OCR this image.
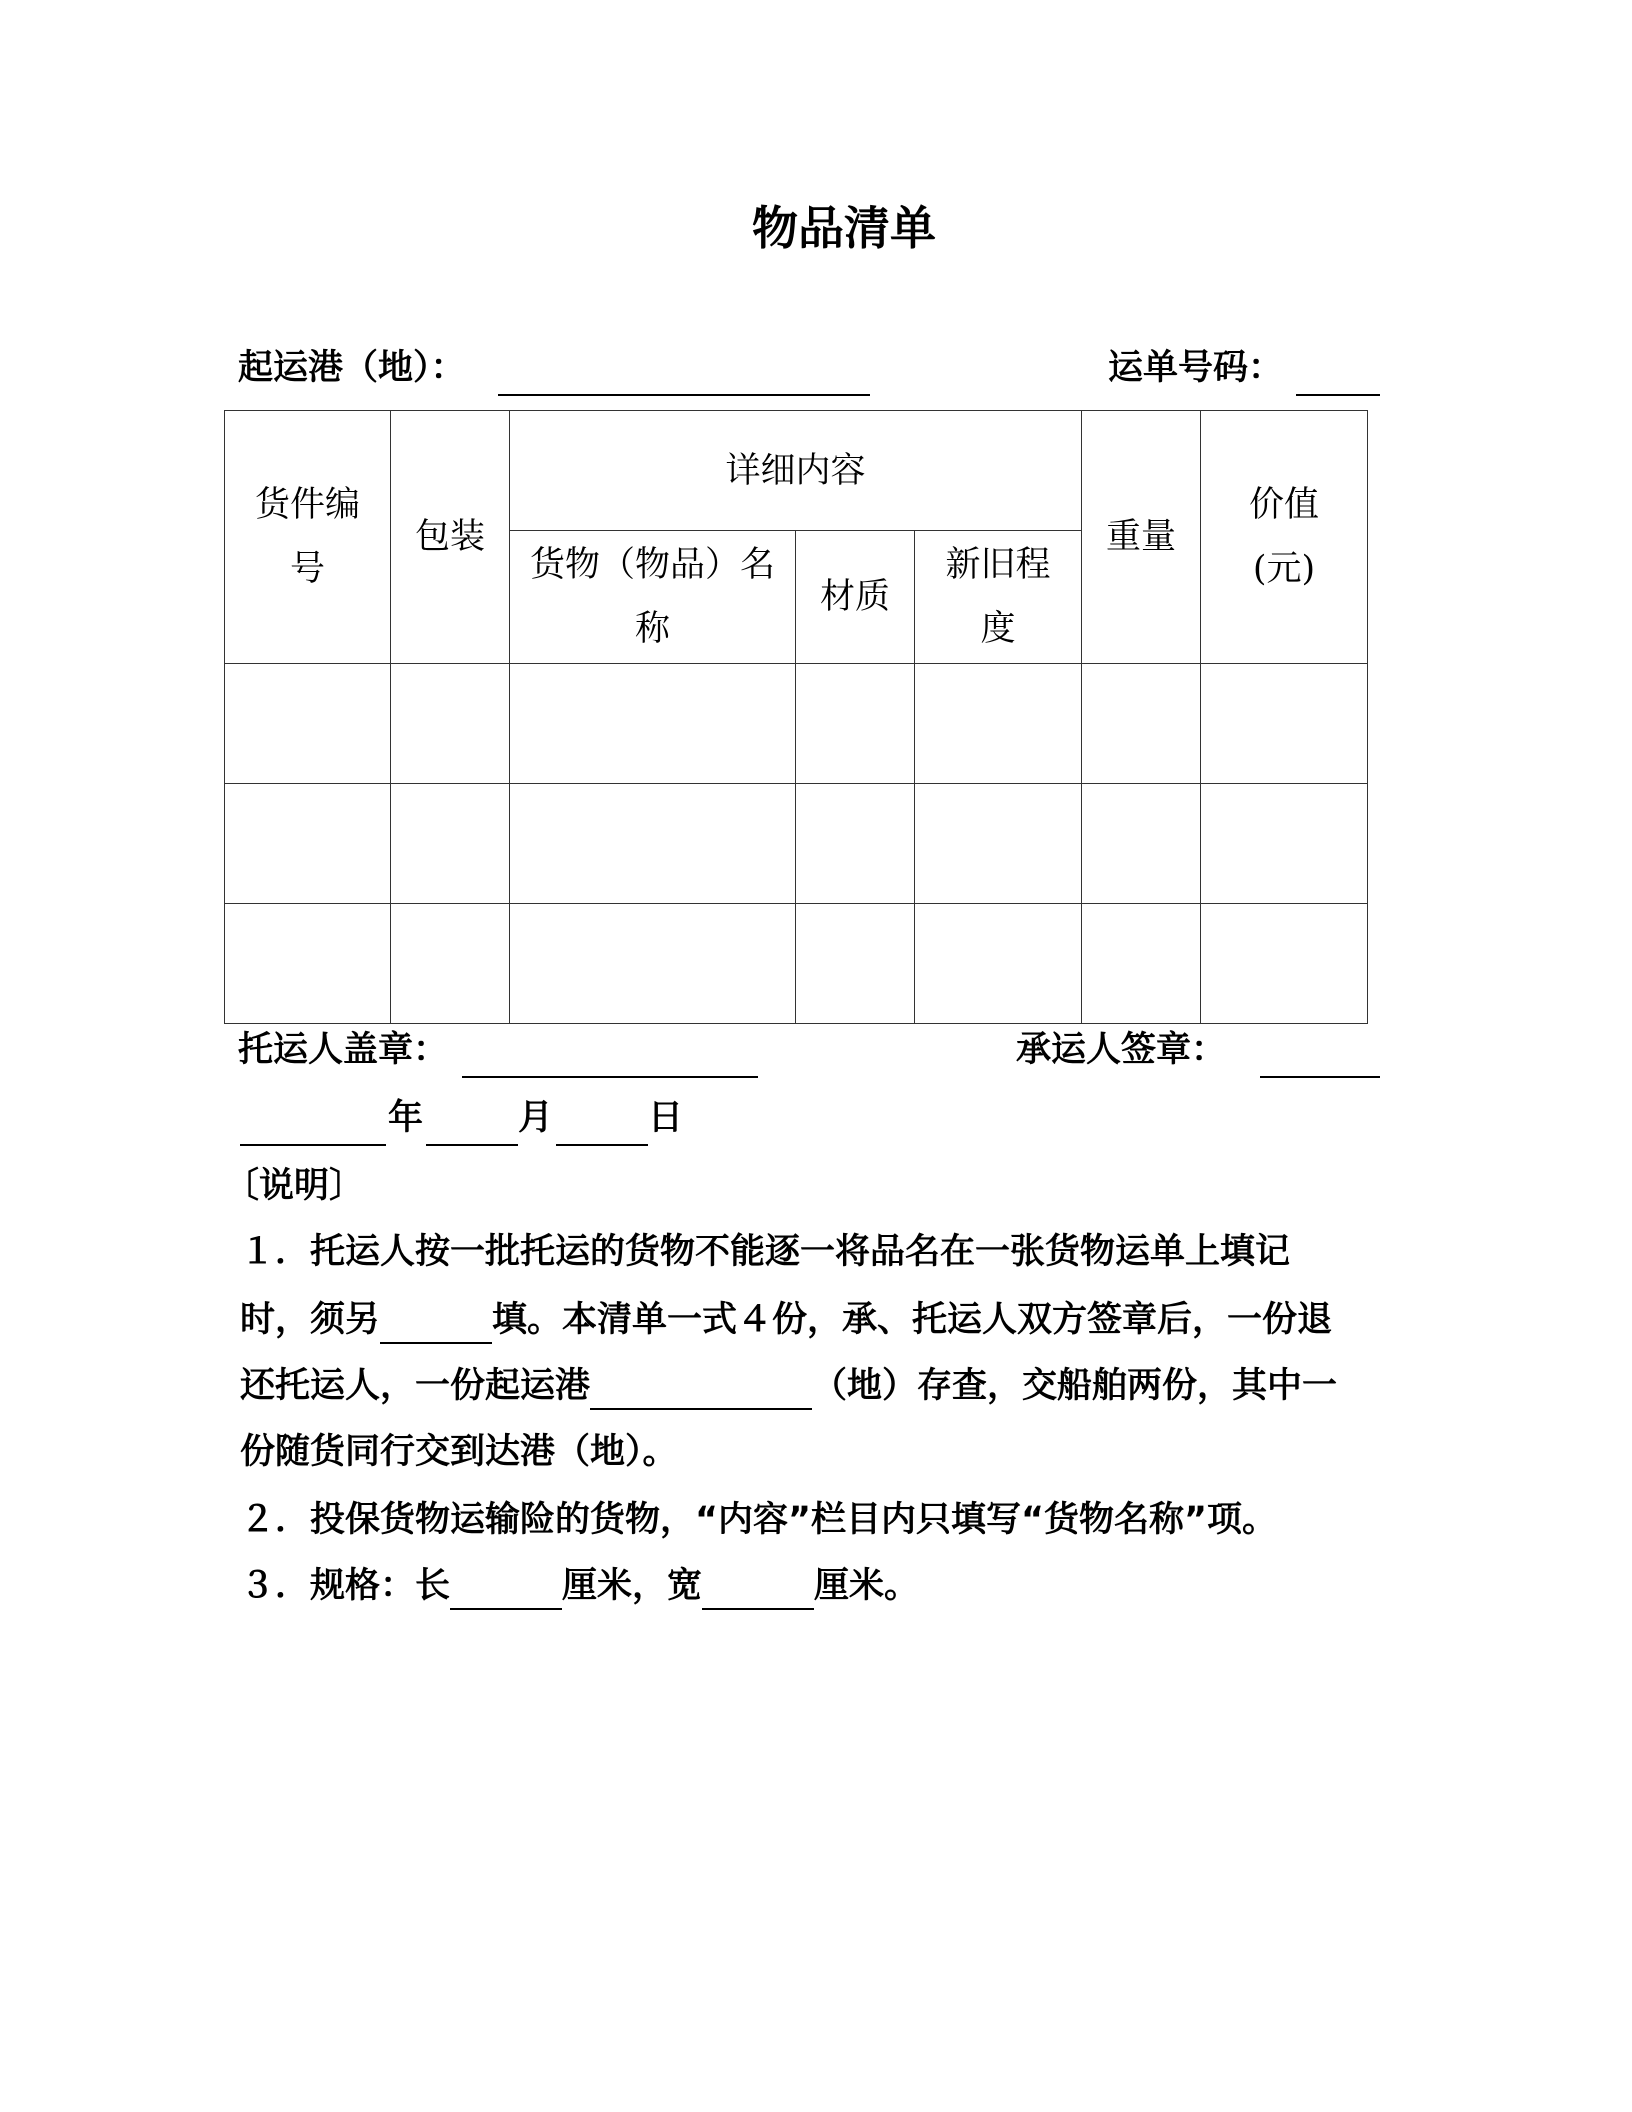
物品清单
起运港（地）：	运单号码：
货件编号	包装	详细内容			重量	价值(元)
		货物（物品）名称	材质	新旧程度		

托运人盖章：	承运人签章：
年	月	日
〔说明〕
１．托运人按一批托运的货物不能逐一将品名在一张货物运单上填记
时，须另	填。本清单一式４份，承、托运人双方签章后，一份退
还托运人，一份起运港	（地）存查，交船舶两份，其中一
份随货同行交到达港（地）。
２．投保货物运输险的货物，“内容”栏目内只填写“货物名称”项。
３．规格：长	厘米，宽	厘米。
